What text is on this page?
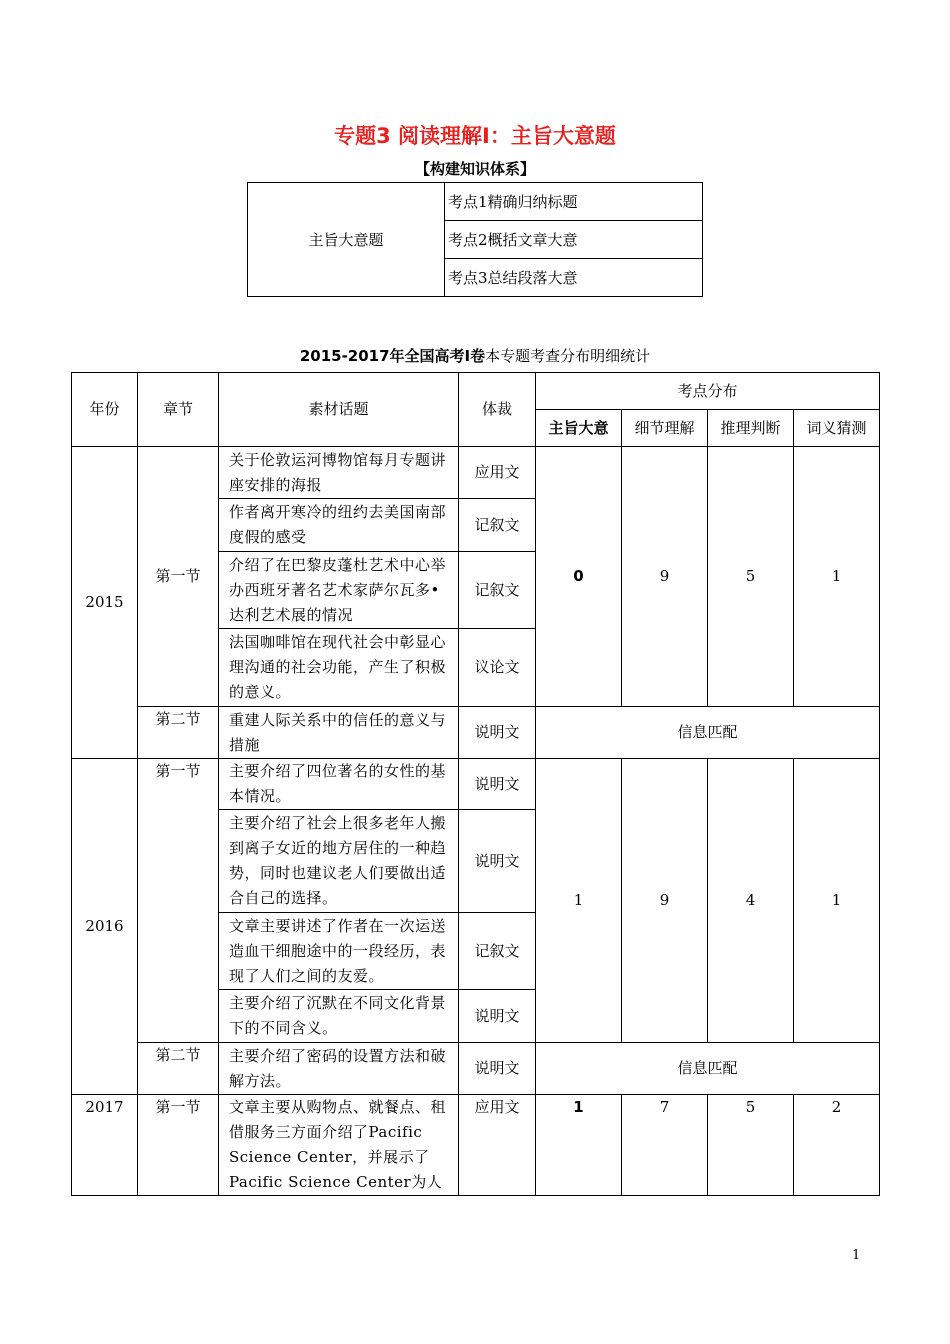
专题3 阅读理解Ⅰ：主旨大意题
【构建知识体系】
主旨大意题	考点1精确归纳标题
考点2概括文章大意
考点3总结段落大意
2015-2017年全国高考Ⅰ卷本专题考查分布明细统计
年份	章节	素材话题	体裁	考点分布			
				主旨大意	细节理解	推理判断	词义猜测
2015	第一节	关于伦敦运河博物馆每月专题讲座安排的海报	应用文	0	9	5	1
		作者离开寒冷的纽约去美国南部度假的感受	记叙文				
		介绍了在巴黎皮蓬杜艺术中心举办西班牙著名艺术家萨尔瓦多•达利艺术展的情况	记叙文				
		法国咖啡馆在现代社会中彰显心理沟通的社会功能，产生了积极的意义。	议论文				
	第二节	重建人际关系中的信任的意义与措施	说明文	信息匹配			
2016	第一节	主要介绍了四位著名的女性的基本情况。	说明文	1	9	4	1
		主要介绍了社会上很多老年人搬到离子女近的地方居住的一种趋势，同时也建议老人们要做出适合自己的选择。	说明文				
		文章主要讲述了作者在一次运送造血干细胞途中的一段经历，表现了人们之间的友爱。	记叙文				
		主要介绍了沉默在不同文化背景下的不同含义。	说明文				
	第二节	主要介绍了密码的设置方法和破解方法。	说明文	信息匹配			
2017	第一节	文章主要从购物点、就餐点、租借服务三方面介绍了Pacific Science Center，并展示了Pacific Science Center为人	应用文	1	7	5	2
1
